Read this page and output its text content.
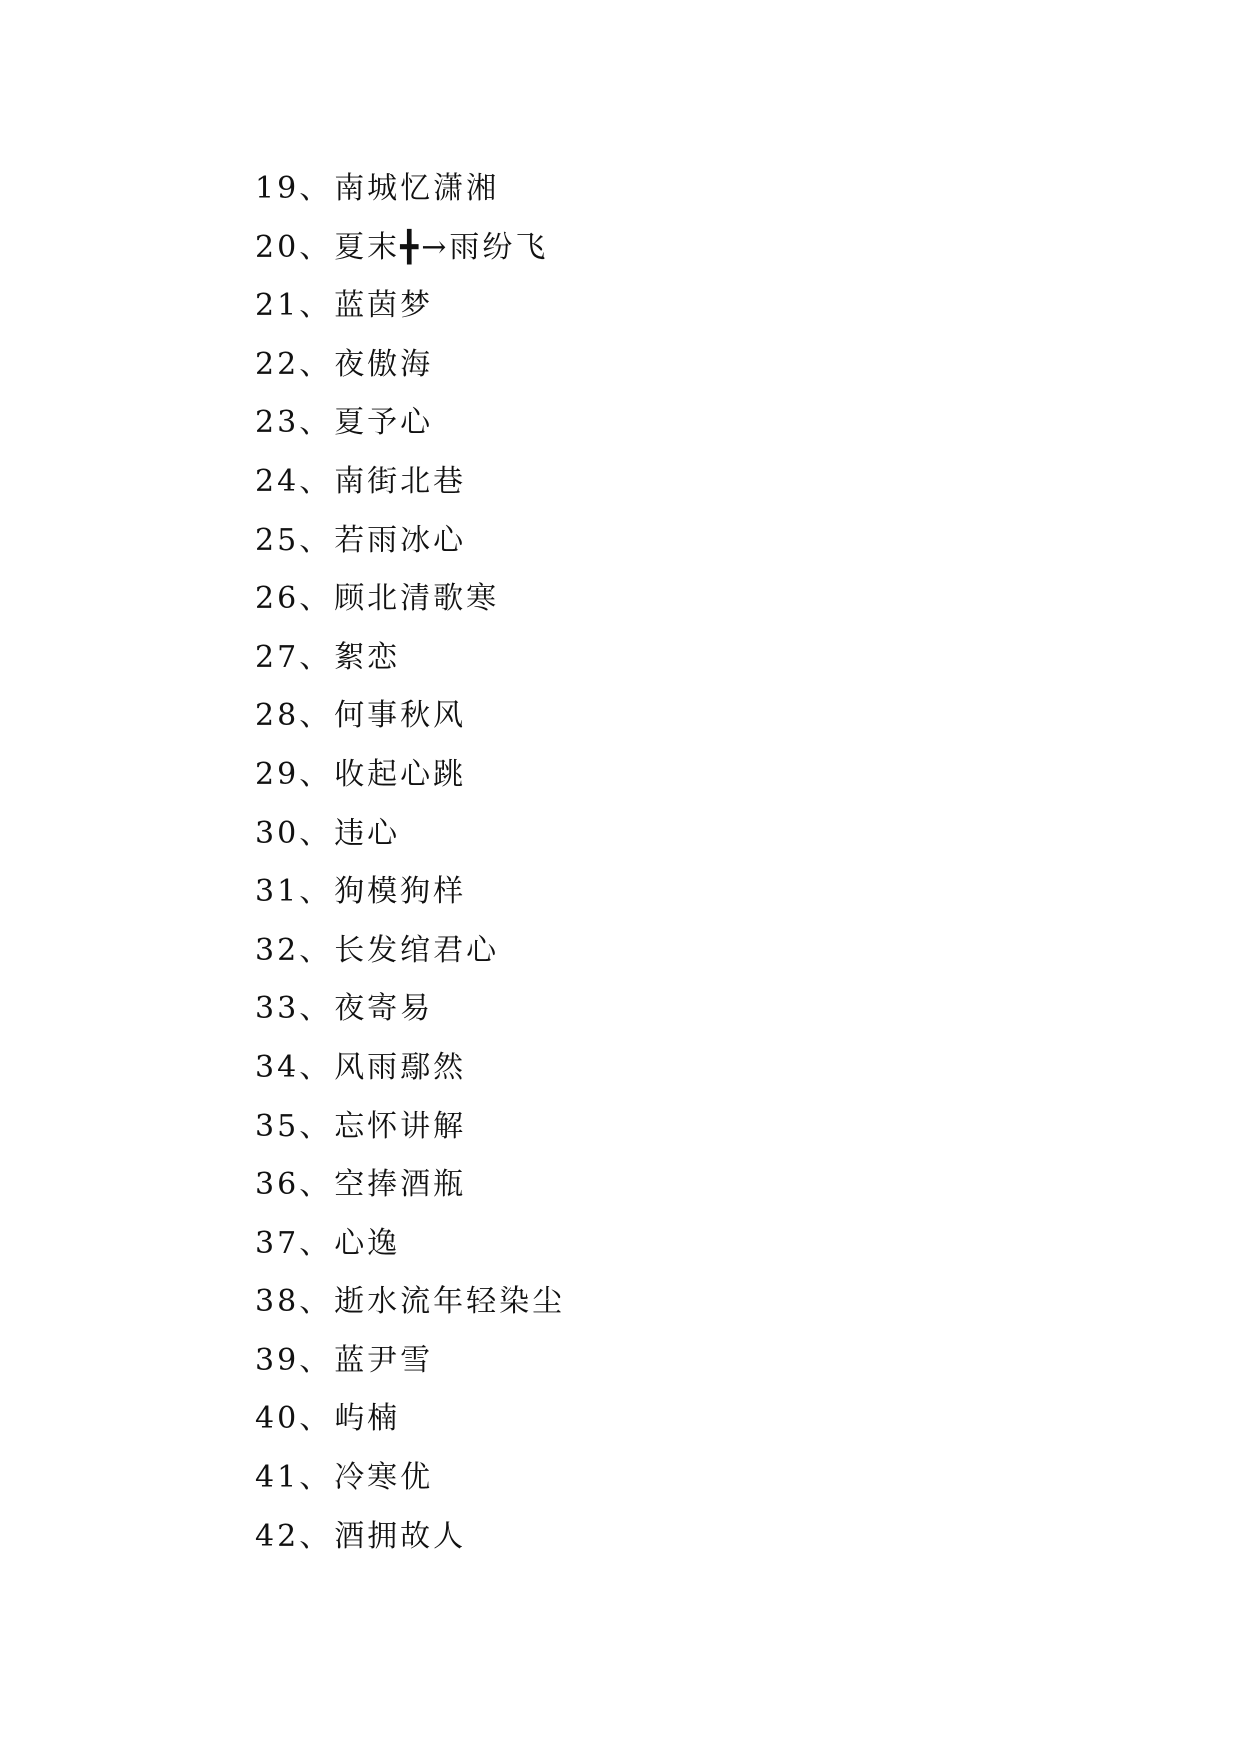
19、南城忆潇湘
20、夏末╋→雨纷飞
21、蓝茵梦
22、夜傲海
23、夏予心
24、南街北巷
25、若雨冰心
26、顾北清歌寒
27、絮恋
28、何事秋风
29、收起心跳
30、违心
31、狗模狗样
32、长发绾君心
33、夜寄易
34、风雨鄢然
35、忘怀讲解
36、空捧酒瓶
37、心逸
38、逝水流年轻染尘
39、蓝尹雪
40、屿楠
41、冷寒优
42、酒拥故人
